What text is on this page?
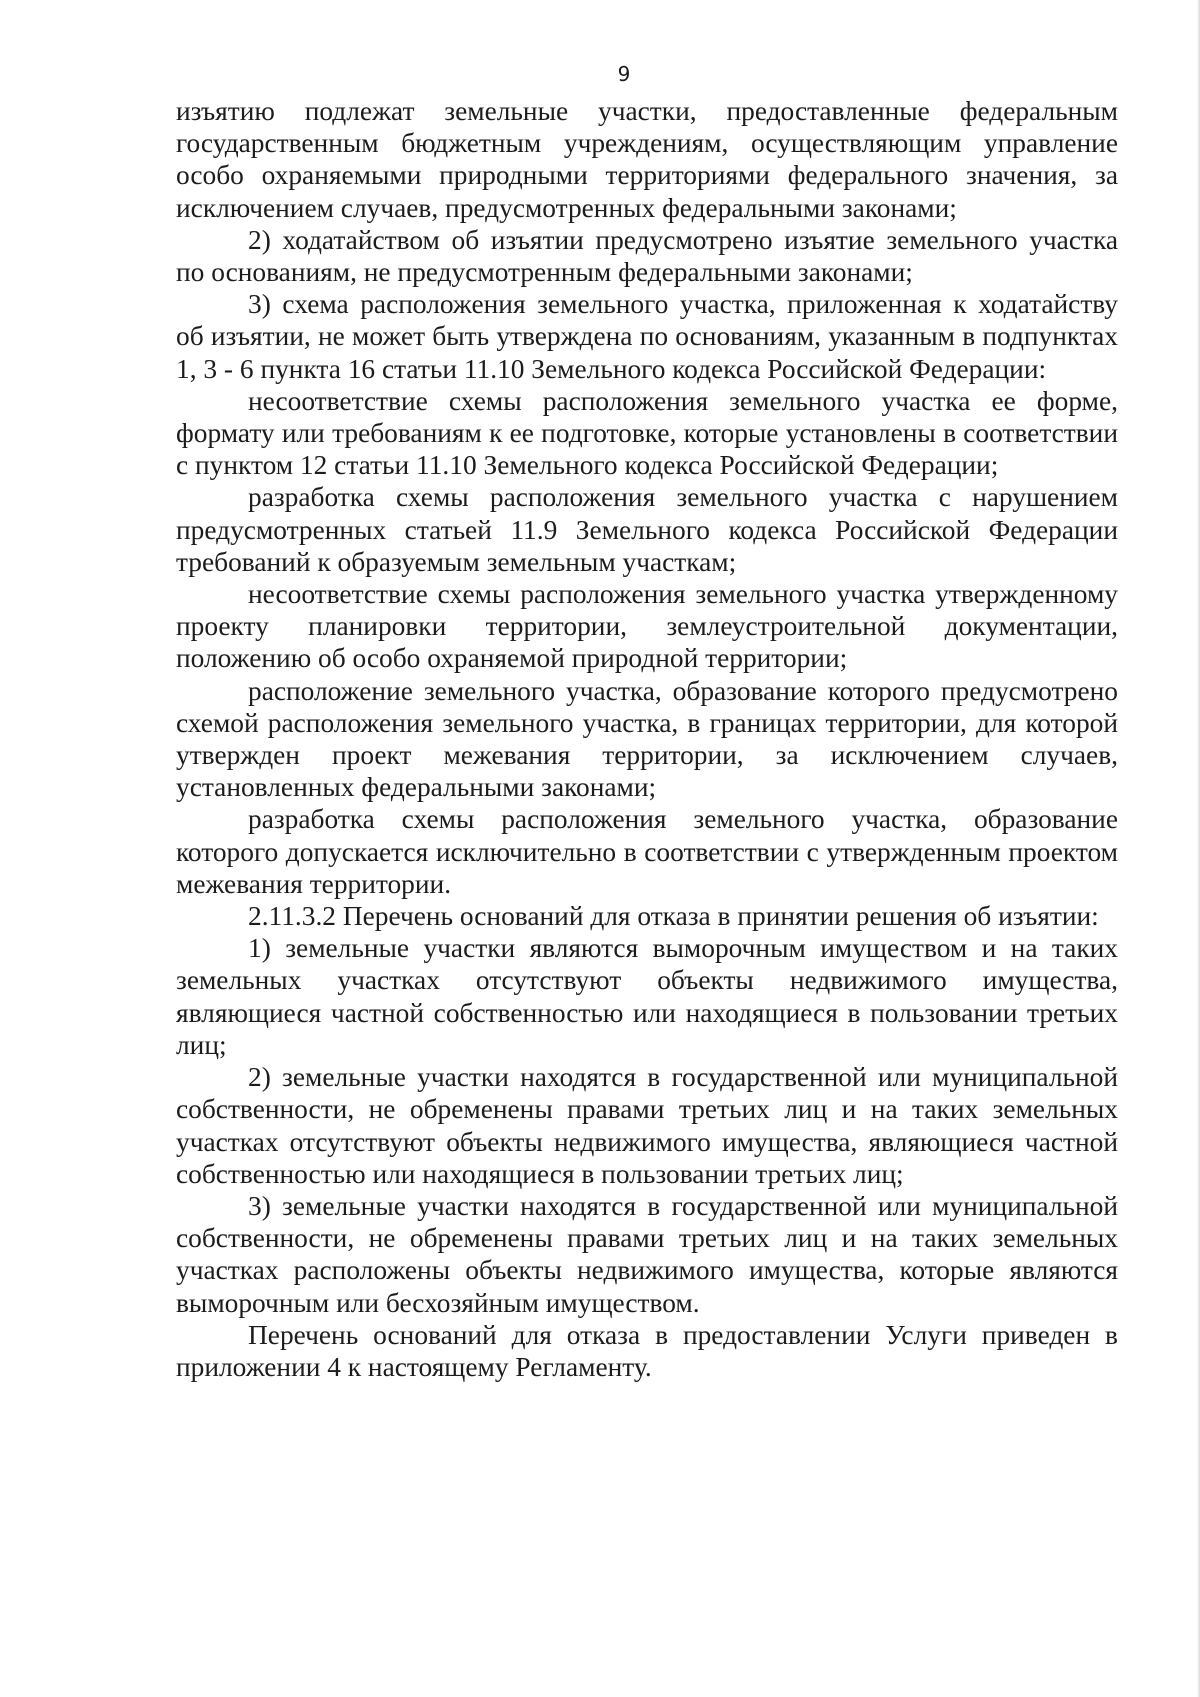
9

изъятию подлежат земельные участки, предоставленные федеральным государственным бюджетным учреждениям, осуществляющим управление особо охраняемыми природными территориями федерального значения, за исключением случаев, предусмотренных федеральными законами;

2) ходатайством об изъятии предусмотрено изъятие земельного участка по основаниям, не предусмотренным федеральными законами;

3) схема расположения земельного участка, приложенная к ходатайству об изъятии, не может быть утверждена по основаниям, указанным в подпунктах 1, 3 - 6 пункта 16 статьи 11.10 Земельного кодекса Российской Федерации:

несоответствие схемы расположения земельного участка ее форме, формату или требованиям к ее подготовке, которые установлены в соответствии с пунктом 12 статьи 11.10 Земельного кодекса Российской Федерации;

разработка схемы расположения земельного участка с нарушением предусмотренных статьей 11.9 Земельного кодекса Российской Федерации требований к образуемым земельным участкам;

несоответствие схемы расположения земельного участка утвержденному проекту планировки территории, землеустроительной документации, положению об особо охраняемой природной территории;

расположение земельного участка, образование которого предусмотрено схемой расположения земельного участка, в границах территории, для которой утвержден проект межевания территории, за исключением случаев, установленных федеральными законами;

разработка схемы расположения земельного участка, образование которого допускается исключительно в соответствии с утвержденным проектом межевания территории.

2.11.3.2 Перечень оснований для отказа в принятии решения об изъятии:

1) земельные участки являются выморочным имуществом и на таких земельных участках отсутствуют объекты недвижимого имущества, являющиеся частной собственностью или находящиеся в пользовании третьих лиц;

2) земельные участки находятся в государственной или муниципальной собственности, не обременены правами третьих лиц и на таких земельных участках отсутствуют объекты недвижимого имущества, являющиеся частной собственностью или находящиеся в пользовании третьих лиц;

3) земельные участки находятся в государственной или муниципальной собственности, не обременены правами третьих лиц и на таких земельных участках расположены объекты недвижимого имущества, которые являются выморочным или бесхозяйным имуществом.

Перечень оснований для отказа в предоставлении Услуги приведен в приложении 4 к настоящему Регламенту.
